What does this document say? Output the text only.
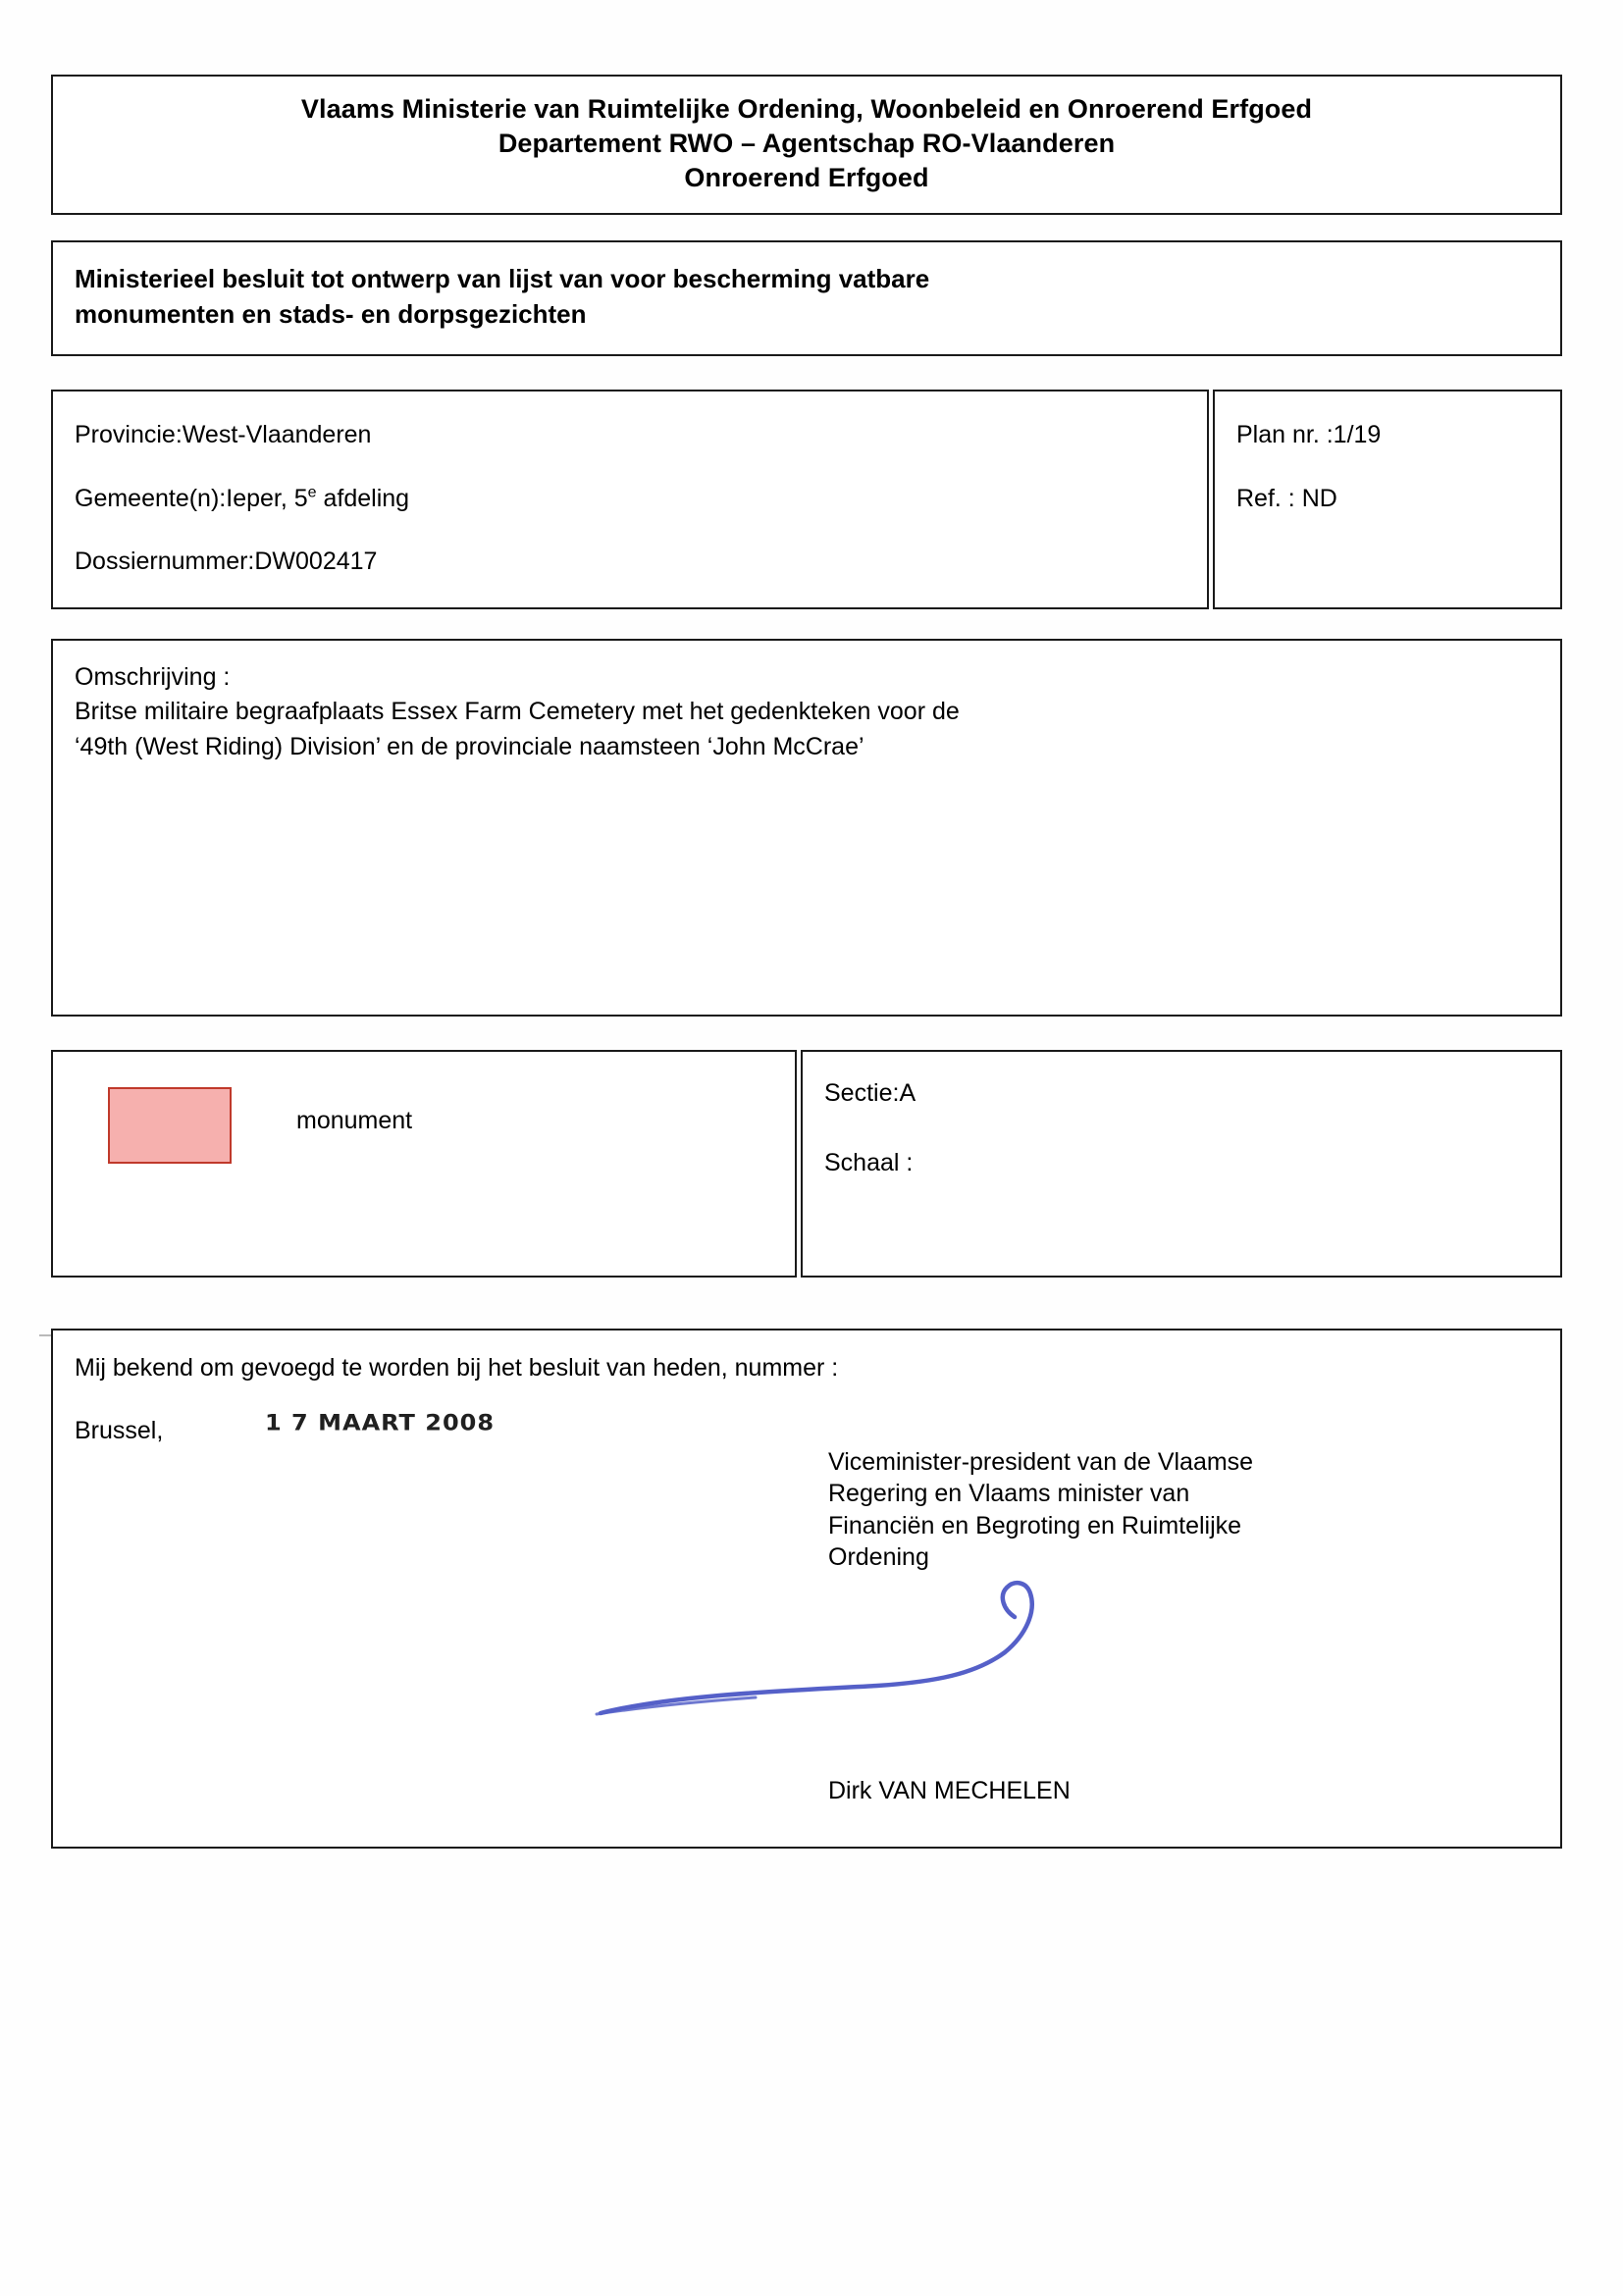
Vlaams Ministerie van Ruimtelijke Ordening, Woonbeleid en Onroerend Erfgoed
Departement RWO – Agentschap RO-Vlaanderen
Onroerend Erfgoed
Ministerieel besluit tot ontwerp van lijst van voor bescherming vatbare
monumenten en stads- en dorpsgezichten
Provincie:West-Vlaanderen
Gemeente(n):Ieper, 5e afdeling
Dossiernummer:DW002417
Plan nr. :1/19
Ref. : ND
Omschrijving :
Britse militaire begraafplaats Essex Farm Cemetery met het gedenkteken voor de
‘49th (West Riding) Division’ en de provinciale naamsteen ‘John McCrae’
monument
Sectie:A
Schaal :
Mij bekend om gevoegd te worden bij het besluit van heden, nummer :
Brussel,	1 7 MAART 2008
Viceminister-president van de Vlaamse
Regering en Vlaams minister van
Financiën en Begroting en Ruimtelijke
Ordening
Dirk VAN MECHELEN
